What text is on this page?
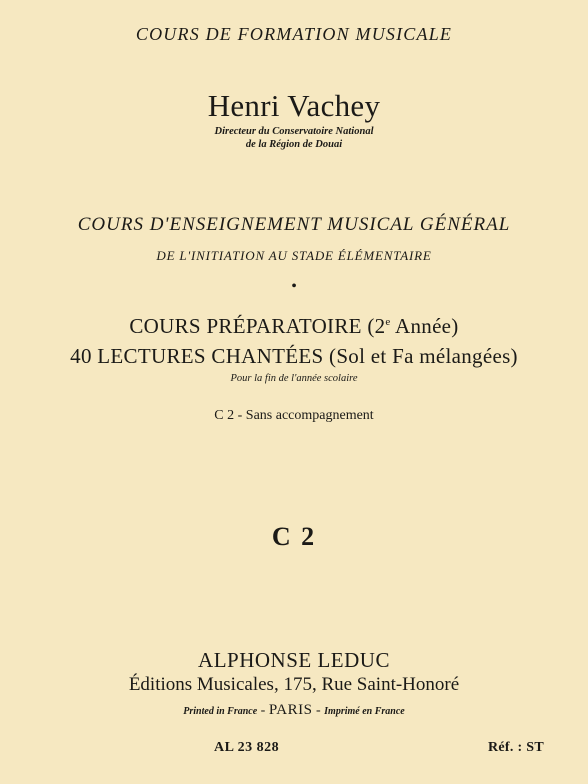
COURS DE FORMATION MUSICALE
Henri Vachey
Directeur du Conservatoire National
de la Région de Douai
COURS D'ENSEIGNEMENT MUSICAL GÉNÉRAL
DE L'INITIATION AU STADE ÉLÉMENTAIRE
•
COURS PRÉPARATOIRE (2e Année)
40 LECTURES CHANTÉES (Sol et Fa mélangées)
Pour la fin de l'année scolaire
C 2 - Sans accompagnement
C 2
ALPHONSE LEDUC
Éditions Musicales, 175, Rue Saint-Honoré
Printed in France - PARIS - Imprimé en France
AL 23 828	Réf. : ST
